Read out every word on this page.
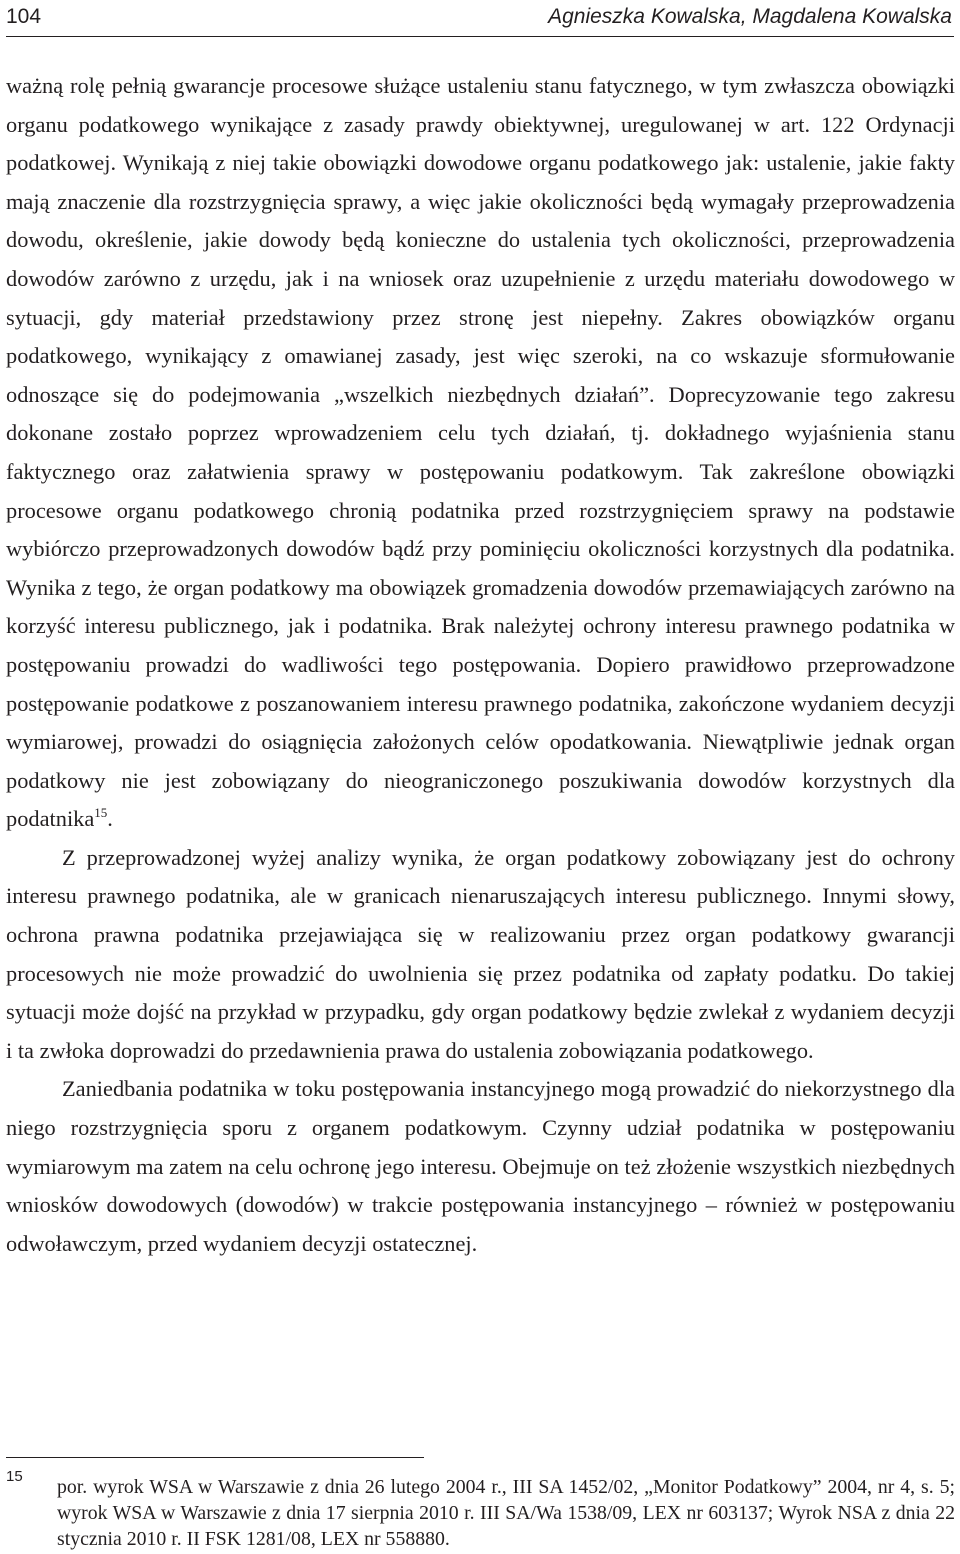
104	Agnieszka Kowalska, Magdalena Kowalska

ważną rolę pełnią gwarancje procesowe służące ustaleniu stanu fatycznego, w tym zwłaszcza obowiązki organu podatkowego wynikające z zasady prawdy obiektywnej, uregulowanej w art. 122 Ordynacji podatkowej. Wynikają z niej takie obowiązki dowodowe organu podatkowego jak: ustalenie, jakie fakty mają znaczenie dla rozstrzygnięcia sprawy, a więc jakie okoliczności będą wymagały przeprowadzenia dowodu, określenie, jakie dowody będą konieczne do ustalenia tych okoliczności, przeprowadzenia dowodów zarówno z urzędu, jak i na wniosek oraz uzupełnienie z urzędu materiału dowodowego w sytuacji, gdy materiał przedstawiony przez stronę jest niepełny. Zakres obowiązków organu podatkowego, wynikający z omawianej zasady, jest więc szeroki, na co wskazuje sformułowanie odnoszące się do podejmowania „wszelkich niezbędnych działań”. Doprecyzowanie tego zakresu dokonane zostało poprzez wprowadzeniem celu tych działań, tj. dokładnego wyjaśnienia stanu faktycznego oraz załatwienia sprawy w postępowaniu podatkowym. Tak zakreślone obowiązki procesowe organu podatkowego chronią podatnika przed rozstrzygnięciem sprawy na podstawie wybiórczo przeprowadzonych dowodów bądź przy pominięciu okoliczności korzystnych dla podatnika. Wynika z tego, że organ podatkowy ma obowiązek gromadzenia dowodów przemawiających zarówno na korzyść interesu publicznego, jak i podatnika. Brak należytej ochrony interesu prawnego podatnika w postępowaniu prowadzi do wadliwości tego postępowania. Dopiero prawidłowo przeprowadzone postępowanie podatkowe z poszanowaniem interesu prawnego podatnika, zakończone wydaniem decyzji wymiarowej, prowadzi do osiągnięcia założonych celów opodatkowania. Niewątpliwie jednak organ podatkowy nie jest zobowiązany do nieograniczonego poszukiwania dowodów korzystnych dla podatnika$^{15}$.

Z przeprowadzonej wyżej analizy wynika, że organ podatkowy zobowiązany jest do ochrony interesu prawnego podatnika, ale w granicach nienaruszających interesu publicznego. Innymi słowy, ochrona prawna podatnika przejawiająca się w realizowaniu przez organ podatkowy gwarancji procesowych nie może prowadzić do uwolnienia się przez podatnika od zapłaty podatku. Do takiej sytuacji może dojść na przykład w przypadku, gdy organ podatkowy będzie zwlekał z wydaniem decyzji i ta zwłoka doprowadzi do przedawnienia prawa do ustalenia zobowiązania podatkowego.

Zaniedbania podatnika w toku postępowania instancyjnego mogą prowadzić do niekorzystnego dla niego rozstrzygnięcia sporu z organem podatkowym. Czynny udział podatnika w postępowaniu wymiarowym ma zatem na celu ochronę jego interesu. Obejmuje on też złożenie wszystkich niezbędnych wniosków dowodowych (dowodów) w trakcie postępowania instancyjnego – również w postępowaniu odwoławczym, przed wydaniem decyzji ostatecznej.

15 por. wyrok WSA w Warszawie z dnia 26 lutego 2004 r., III SA 1452/02, „Monitor Podatkowy” 2004, nr 4, s. 5; wyrok WSA w Warszawie z dnia 17 sierpnia 2010 r. III SA/Wa 1538/09, LEX nr 603137; Wyrok NSA z dnia 22 stycznia 2010 r. II FSK 1281/08, LEX nr 558880.
